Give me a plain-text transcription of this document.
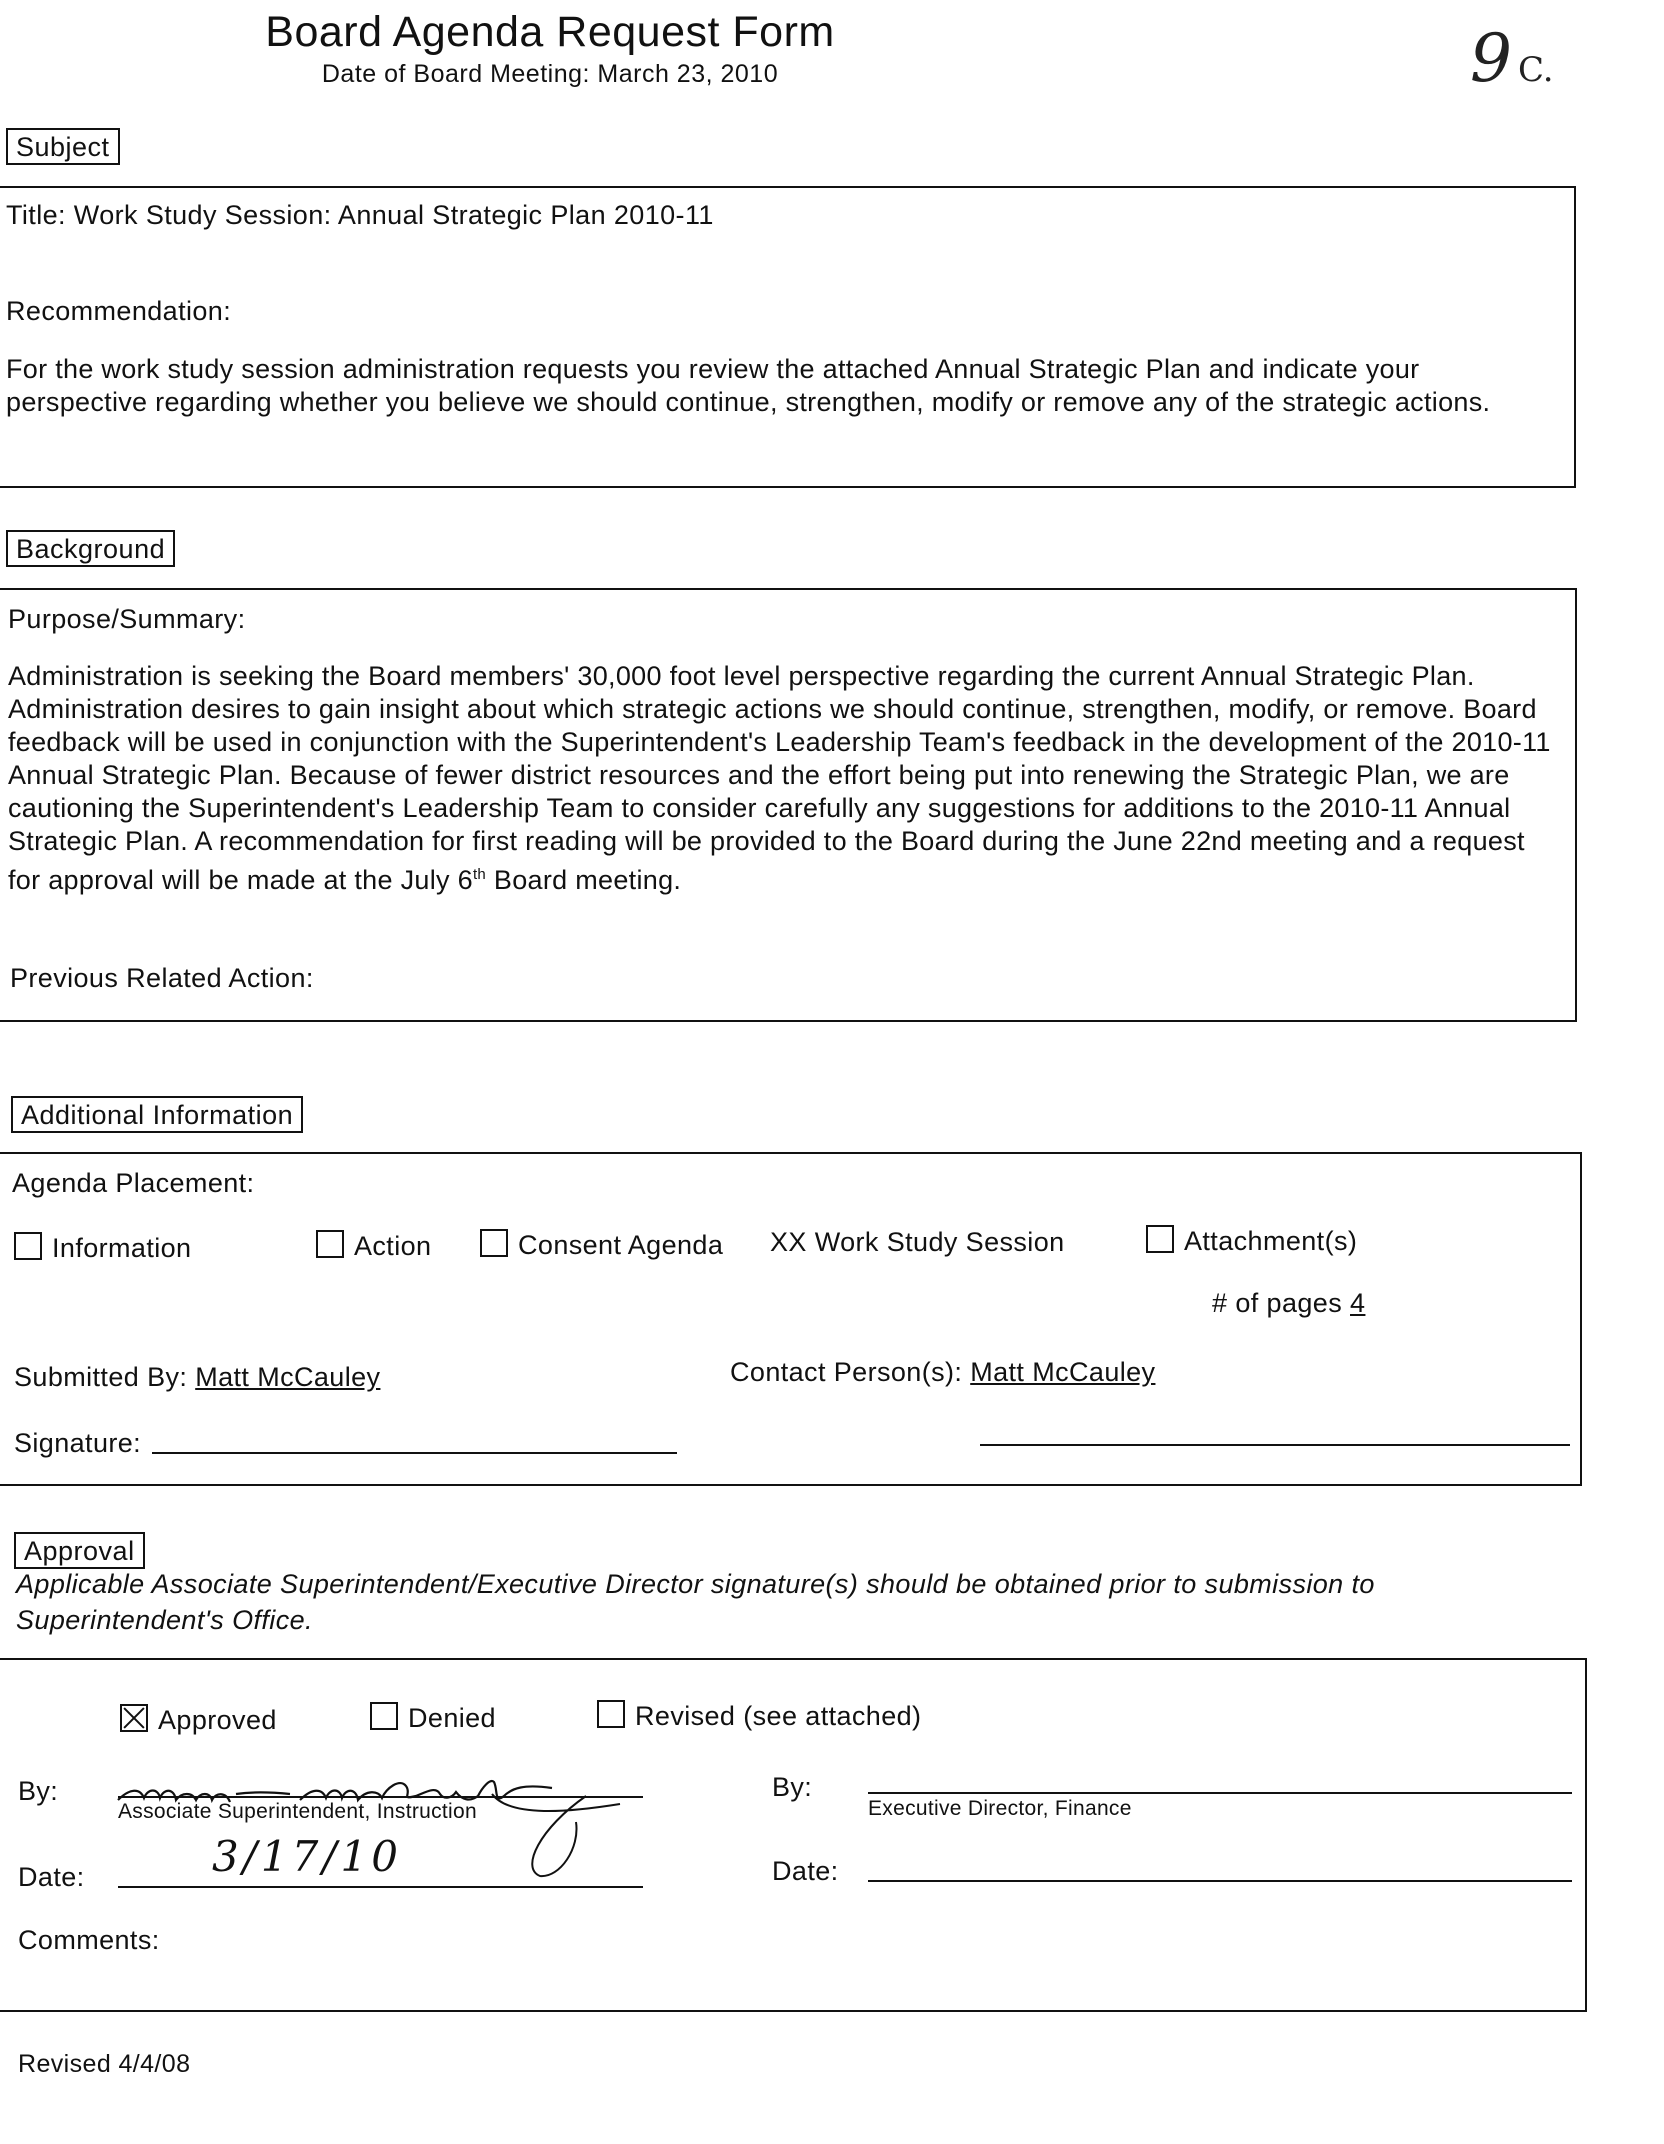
Board Agenda Request Form
Date of Board Meeting: March 23, 2010	9 C.
Subject
Title: Work Study Session: Annual Strategic Plan 2010-11
Recommendation:
For the work study session administration requests you review the attached Annual Strategic Plan and indicate your perspective regarding whether you believe we should continue, strengthen, modify or remove any of the strategic actions.
Background
Purpose/Summary:
Administration is seeking the Board members' 30,000 foot level perspective regarding the current Annual Strategic Plan. Administration desires to gain insight about which strategic actions we should continue, strengthen, modify, or remove. Board feedback will be used in conjunction with the Superintendent's Leadership Team's feedback in the development of the 2010-11 Annual Strategic Plan. Because of fewer district resources and the effort being put into renewing the Strategic Plan, we are cautioning the Superintendent's Leadership Team to consider carefully any suggestions for additions to the 2010-11 Annual Strategic Plan. A recommendation for first reading will be provided to the Board during the June 22nd meeting and a request for approval will be made at the July 6th Board meeting.
Previous Related Action:
Additional Information
Agenda Placement:
Information	Action	Consent Agenda XX Work Study Session	Attachment(s)
# of pages 4
Submitted By: Matt McCauley	Contact Person(s): Matt McCauley
Signature:
Approval
Applicable Associate Superintendent/Executive Director signature(s) should be obtained prior to submission to Superintendent's Office.
Approved	Denied	Revised (see attached)
By:
Associate Superintendent, Instruction
By:
Executive Director, Finance
Date:	3/17/10	Date:
Comments:
Revised 4/4/08
